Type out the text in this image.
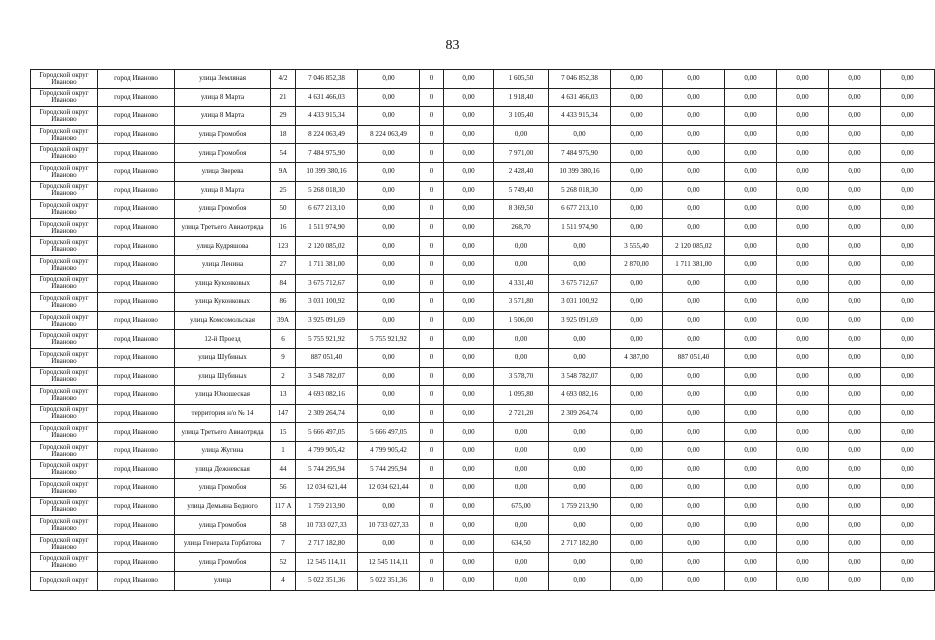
83
Городской округ Иваново	город Иваново	улица Земляная	4/2	7 046 852,38	0,00	0	0,00	1 605,50	7 046 852,38	0,00	0,00	0,00	0,00	0,00	0,00
Городской округ Иваново	город Иваново	улица 8 Марта	21	4 631 466,03	0,00	0	0,00	1 918,40	4 631 466,03	0,00	0,00	0,00	0,00	0,00	0,00
Городской округ Иваново	город Иваново	улица 8 Марта	29	4 433 915,34	0,00	0	0,00	3 105,40	4 433 915,34	0,00	0,00	0,00	0,00	0,00	0,00
Городской округ Иваново	город Иваново	улица Громобоя	18	8 224 063,49	8 224 063,49	0	0,00	0,00	0,00	0,00	0,00	0,00	0,00	0,00	0,00
Городской округ Иваново	город Иваново	улица Громобоя	54	7 484 975,90	0,00	0	0,00	7 971,00	7 484 975,90	0,00	0,00	0,00	0,00	0,00	0,00
Городской округ Иваново	город Иваново	улица Зверева	9А	10 399 380,16	0,00	0	0,00	2 428,40	10 399 380,16	0,00	0,00	0,00	0,00	0,00	0,00
Городской округ Иваново	город Иваново	улица 8 Марта	25	5 268 018,30	0,00	0	0,00	5 749,40	5 268 018,30	0,00	0,00	0,00	0,00	0,00	0,00
Городской округ Иваново	город Иваново	улица Громобоя	50	6 677 213,10	0,00	0	0,00	8 369,50	6 677 213,10	0,00	0,00	0,00	0,00	0,00	0,00
Городской округ Иваново	город Иваново	улица Третьего Авиаотряда	16	1 511 974,90	0,00	0	0,00	268,70	1 511 974,90	0,00	0,00	0,00	0,00	0,00	0,00
Городской округ Иваново	город Иваново	улица Кудряшова	123	2 120 085,02	0,00	0	0,00	0,00	0,00	3 555,40	2 120 085,02	0,00	0,00	0,00	0,00
Городской округ Иваново	город Иваново	улица Ленина	27	1 711 381,00	0,00	0	0,00	0,00	0,00	2 870,00	1 711 381,00	0,00	0,00	0,00	0,00
Городской округ Иваново	город Иваново	улица Куконковых	84	3 675 712,67	0,00	0	0,00	4 331,40	3 675 712,67	0,00	0,00	0,00	0,00	0,00	0,00
Городской округ Иваново	город Иваново	улица Куконковых	86	3 031 100,92	0,00	0	0,00	3 571,80	3 031 100,92	0,00	0,00	0,00	0,00	0,00	0,00
Городской округ Иваново	город Иваново	улица Комсомольская	39А	3 925 091,69	0,00	0	0,00	1 506,00	3 925 091,69	0,00	0,00	0,00	0,00	0,00	0,00
Городской округ Иваново	город Иваново	12-й Проезд	6	5 755 921,92	5 755 921,92	0	0,00	0,00	0,00	0,00	0,00	0,00	0,00	0,00	0,00
Городской округ Иваново	город Иваново	улица Шубиных	9	887 051,40	0,00	0	0,00	0,00	0,00	4 387,00	887 051,40	0,00	0,00	0,00	0,00
Городской округ Иваново	город Иваново	улица Шубиных	2	3 548 782,07	0,00	0	0,00	3 578,70	3 548 782,07	0,00	0,00	0,00	0,00	0,00	0,00
Городской округ Иваново	город Иваново	улица Юношеская	13	4 693 082,16	0,00	0	0,00	1 095,80	4 693 082,16	0,00	0,00	0,00	0,00	0,00	0,00
Городской округ Иваново	город Иваново	территория н/о № 14	147	2 309 264,74	0,00	0	0,00	2 721,20	2 309 264,74	0,00	0,00	0,00	0,00	0,00	0,00
Городской округ Иваново	город Иваново	улица Третьего Авиаотряда	15	5 666 497,05	5 666 497,05	0	0,00	0,00	0,00	0,00	0,00	0,00	0,00	0,00	0,00
Городской округ Иваново	город Иваново	улица Жугина	1	4 799 905,42	4 799 905,42	0	0,00	0,00	0,00	0,00	0,00	0,00	0,00	0,00	0,00
Городской округ Иваново	город Иваново	улица Дежневская	44	5 744 295,94	5 744 295,94	0	0,00	0,00	0,00	0,00	0,00	0,00	0,00	0,00	0,00
Городской округ Иваново	город Иваново	улица Громобоя	56	12 034 621,44	12 034 621,44	0	0,00	0,00	0,00	0,00	0,00	0,00	0,00	0,00	0,00
Городской округ Иваново	город Иваново	улица Демьяна Бедного	117 А	1 759 213,90	0,00	0	0,00	675,00	1 759 213,90	0,00	0,00	0,00	0,00	0,00	0,00
Городской округ Иваново	город Иваново	улица Громобоя	58	10 733 027,33	10 733 027,33	0	0,00	0,00	0,00	0,00	0,00	0,00	0,00	0,00	0,00
Городской округ Иваново	город Иваново	улица Генерала Горбатова	7	2 717 182,80	0,00	0	0,00	634,50	2 717 182,80	0,00	0,00	0,00	0,00	0,00	0,00
Городской округ Иваново	город Иваново	улица Громобоя	52	12 545 114,11	12 545 114,11	0	0,00	0,00	0,00	0,00	0,00	0,00	0,00	0,00	0,00
Городской округ	город Иваново	улица	4	5 022 351,36	5 022 351,36	0	0,00	0,00	0,00	0,00	0,00	0,00	0,00	0,00	0,00
